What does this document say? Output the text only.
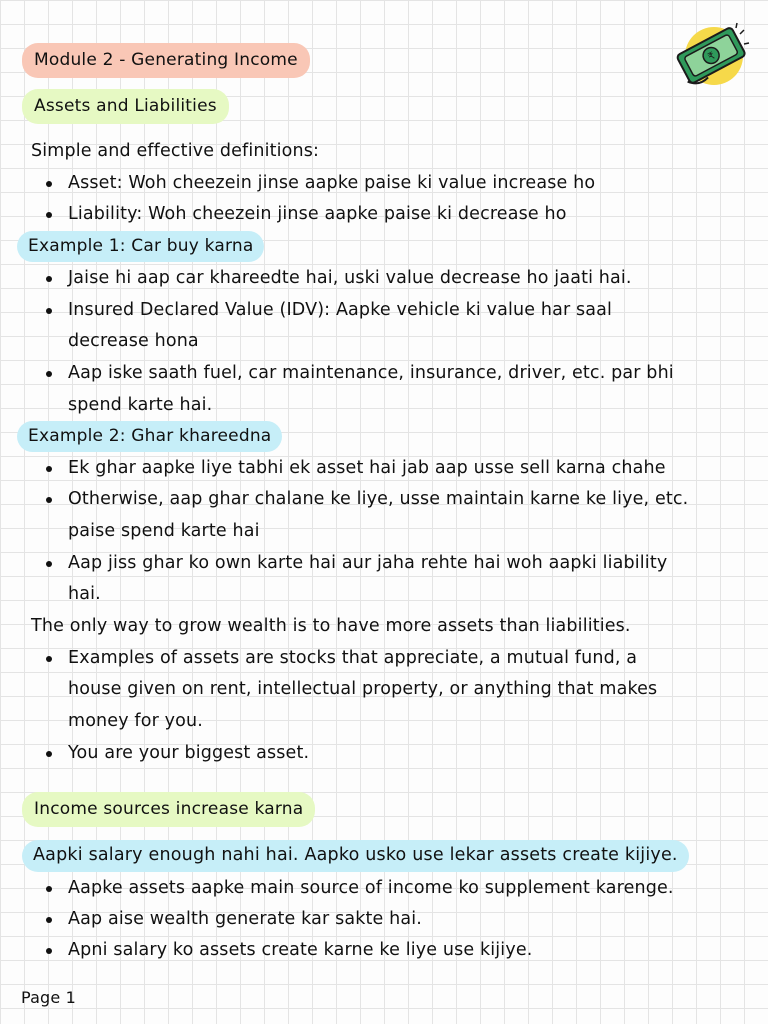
Module 2 - Generating Income
Assets and Liabilities
₹
Simple and effective definitions:
Asset: Woh cheezein jinse aapke paise ki value increase ho
Liability: Woh cheezein jinse aapke paise ki decrease ho
Example 1: Car buy karna
Jaise hi aap car khareedte hai, uski value decrease ho jaati hai.
Insured Declared Value (IDV): Aapke vehicle ki value har saal
decrease hona
Aap iske saath fuel, car maintenance, insurance, driver, etc. par bhi
spend karte hai.
Example 2: Ghar khareedna
Ek ghar aapke liye tabhi ek asset hai jab aap usse sell karna chahe
Otherwise, aap ghar chalane ke liye, usse maintain karne ke liye, etc.
paise spend karte hai
Aap jiss ghar ko own karte hai aur jaha rehte hai woh aapki liability
hai.
The only way to grow wealth is to have more assets than liabilities.
Examples of assets are stocks that appreciate, a mutual fund, a
house given on rent, intellectual property, or anything that makes
money for you.
You are your biggest asset.
Income sources increase karna
Aapki salary enough nahi hai. Aapko usko use lekar assets create kijiye.
Aapke assets aapke main source of income ko supplement karenge.
Aap aise wealth generate kar sakte hai.
Apni salary ko assets create karne ke liye use kijiye.
Page 1
